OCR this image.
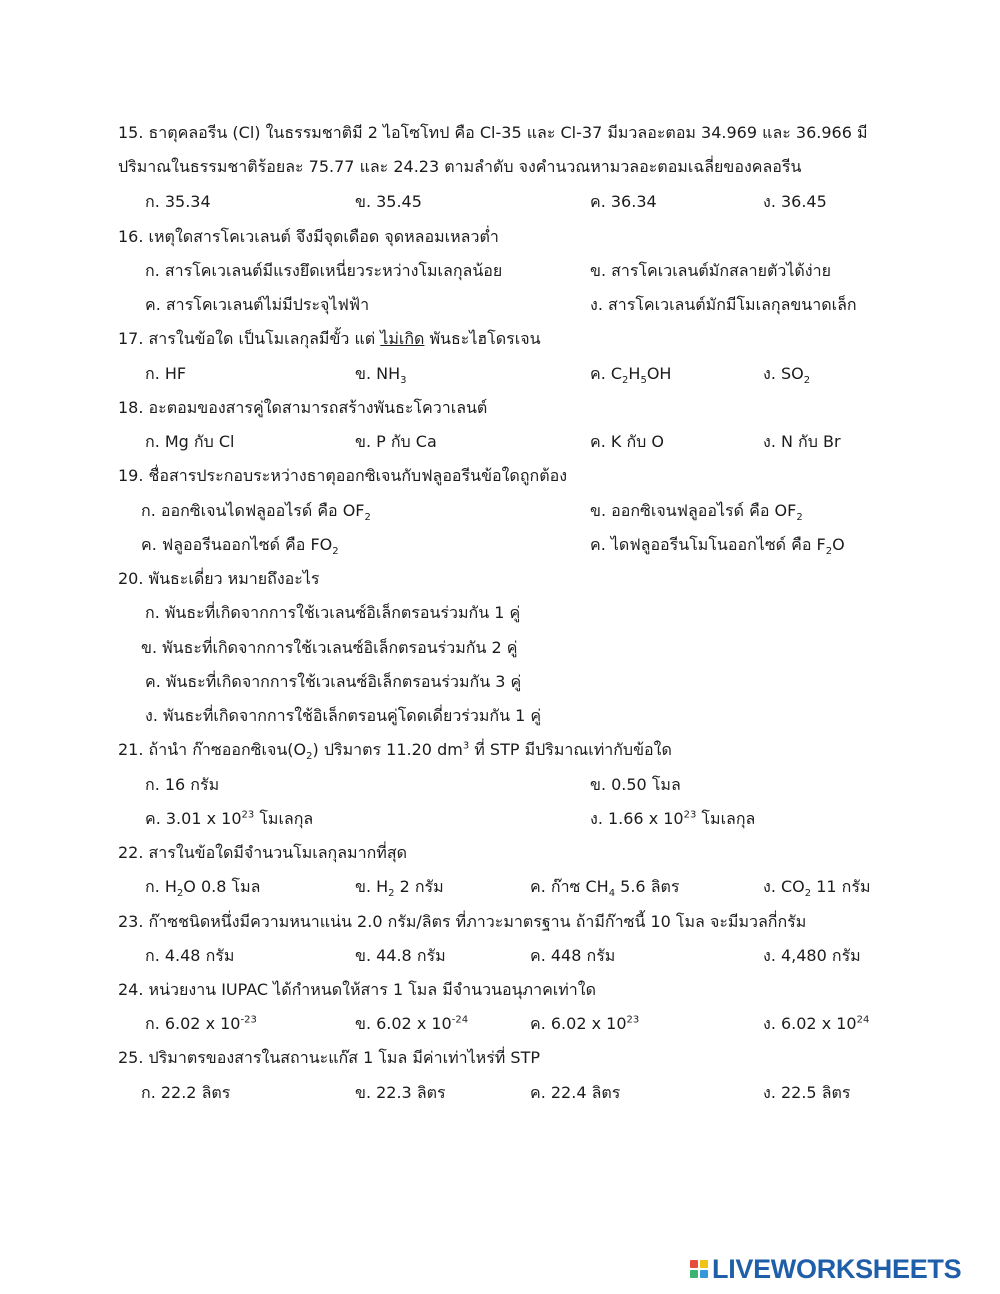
15. ธาตุคลอรีน (Cl) ในธรรมชาติมี 2 ไอโซโทป คือ Cl-35 และ Cl-37 มีมวลอะตอม 34.969 และ 36.966 มี
ปริมาณในธรรมชาติร้อยละ 75.77 และ 24.23 ตามลำดับ จงคำนวณหามวลอะตอมเฉลี่ยของคลอรีน
ก. 35.34	ข. 35.45	ค. 36.34	ง. 36.45
16. เหตุใดสารโคเวเลนต์ จึงมีจุดเดือด จุดหลอมเหลวต่ำ
ก. สารโคเวเลนต์มีแรงยึดเหนี่ยวระหว่างโมเลกุลน้อย	ข. สารโคเวเลนต์มักสลายตัวได้ง่าย
ค. สารโคเวเลนต์ไม่มีประจุไฟฟ้า	ง. สารโคเวเลนต์มักมีโมเลกุลขนาดเล็ก
17. สารในข้อใด เป็นโมเลกุลมีขั้ว แต่ ไม่เกิด พันธะไฮโดรเจน
ก. HF	ข. $NH_3$	ค. $C_2H_5OH$	ง. $SO_2$
18. อะตอมของสารคู่ใดสามารถสร้างพันธะโควาเลนต์
ก. Mg กับ Cl	ข. P กับ Ca	ค. K กับ O	ง. N กับ Br
19. ชื่อสารประกอบระหว่างธาตุออกซิเจนกับฟลูออรีนข้อใดถูกต้อง
ก. ออกซิเจนไดฟลูออไรด์ คือ $OF_2$	ข. ออกซิเจนฟลูออไรด์ คือ $OF_2$
ค. ฟลูออรีนออกไซด์ คือ $FO_2$	ค. ไดฟลูออรีนโมโนออกไซด์ คือ $F_2O$
20. พันธะเดี่ยว หมายถึงอะไร
ก. พันธะที่เกิดจากการใช้เวเลนซ์อิเล็กตรอนร่วมกัน 1 คู่
ข. พันธะที่เกิดจากการใช้เวเลนซ์อิเล็กตรอนร่วมกัน 2 คู่
ค. พันธะที่เกิดจากการใช้เวเลนซ์อิเล็กตรอนร่วมกัน 3 คู่
ง. พันธะที่เกิดจากการใช้อิเล็กตรอนคู่โดดเดี่ยวร่วมกัน 1 คู่
21. ถ้านำ ก๊าซออกซิเจน$(O_2)$ ปริมาตร 11.20 $dm^3$ ที่ STP มีปริมาณเท่ากับข้อใด
ก. 16 กรัม	ข. 0.50 โมล
ค. 3.01 x $10^{23}$ โมเลกุล	ง. 1.66 x $10^{23}$ โมเลกุล
22. สารในข้อใดมีจำนวนโมเลกุลมากที่สุด
ก. $H_2O$ 0.8 โมล	ข. $H_2$ 2 กรัม	ค. ก๊าซ $CH_4$ 5.6 ลิตร	ง. $CO_2$ 11 กรัม
23. ก๊าซชนิดหนึ่งมีความหนาแน่น 2.0 กรัม/ลิตร ที่ภาวะมาตรฐาน ถ้ามีก๊าซนี้ 10 โมล จะมีมวลกี่กรัม
ก. 4.48 กรัม	ข. 44.8 กรัม	ค. 448 กรัม	ง. 4,480 กรัม
24. หน่วยงาน IUPAC ได้กำหนดให้สาร 1 โมล มีจำนวนอนุภาคเท่าใด
ก. 6.02 x $10^{-23}$	ข. 6.02 x $10^{-24}$	ค. 6.02 x $10^{23}$	ง. 6.02 x $10^{24}$
25. ปริมาตรของสารในสถานะแก๊ส 1 โมล มีค่าเท่าไหร่ที่ STP
ก. 22.2 ลิตร	ข. 22.3 ลิตร	ค. 22.4 ลิตร	ง. 22.5 ลิตร
LIVEWORKSHEETS
